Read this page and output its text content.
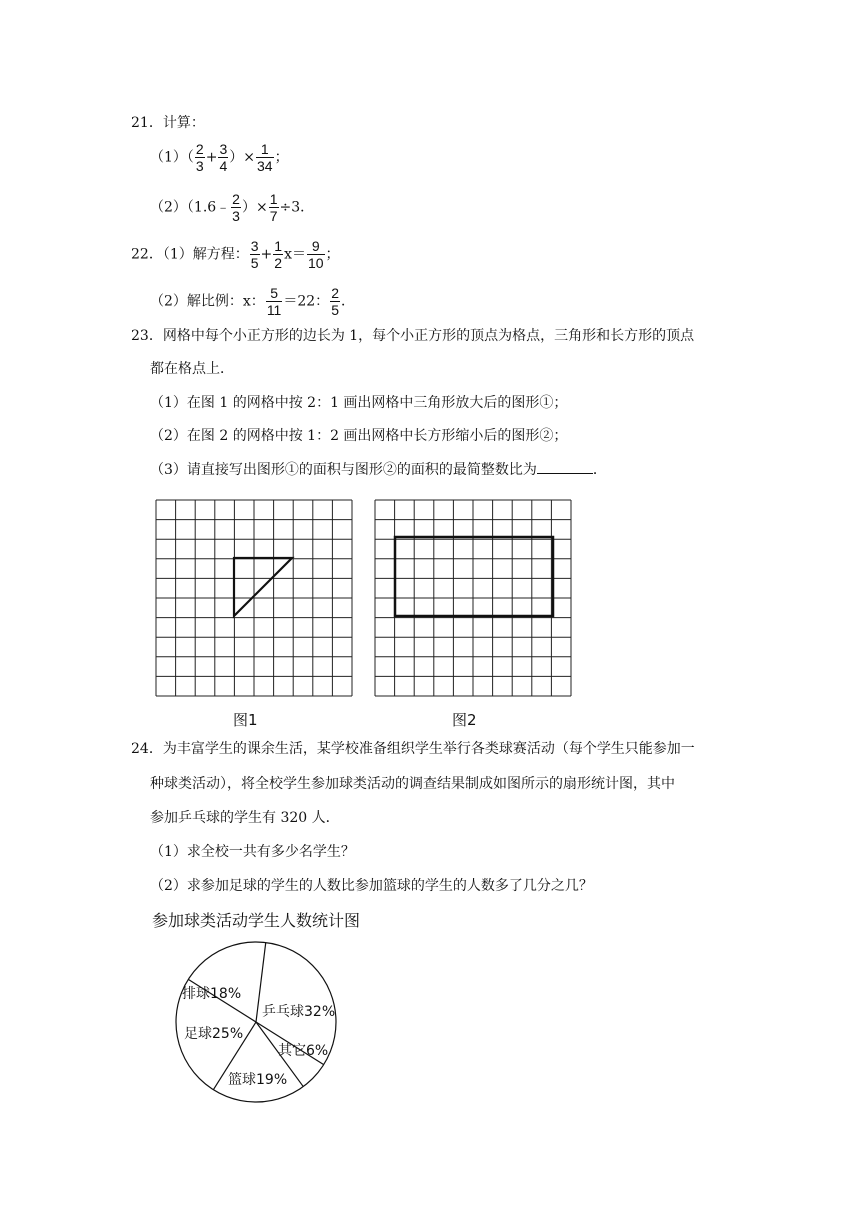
21．计算：
$(1)( \frac{2}{3} + \frac{3}{4}$ ）× $\frac{1}{34}$ ；
（2）（1.6﹣ $\frac{2}{3}$ ）× $\frac{1}{7} \div 3$．
22．（1）解方程： $\frac{3}{5} + \frac{1}{2} x= \frac{9}{10}$ ；
（2）解比例：x： $\frac{5}{11} =22$： $\frac{2}{5}$ ．
23．网格中每个小正方形的边长为 1，每个小正方形的顶点为格点，三角形和长方形的顶点
都在格点上．
（1）在图 1 的网格中按 2：1 画出网格中三角形放大后的图形①；
（2）在图 2 的网格中按 1：2 画出网格中长方形缩小后的图形②；
（3）请直接写出图形①的面积与图形②的面积的最简整数比为	．
图1	图2
24．为丰富学生的课余生活，某学校准备组织学生举行各类球赛活动（每个学生只能参加一
种球类活动），将全校学生参加球类活动的调查结果制成如图所示的扇形统计图，其中
参加乒乓球的学生有 320 人．
（1）求全校一共有多少名学生？
（2）求参加足球的学生的人数比参加篮球的学生的人数多了几分之几？
参加球类活动学生人数统计图
乒乓球32%
其它6%
篮球19%
足球25%
排球18%
